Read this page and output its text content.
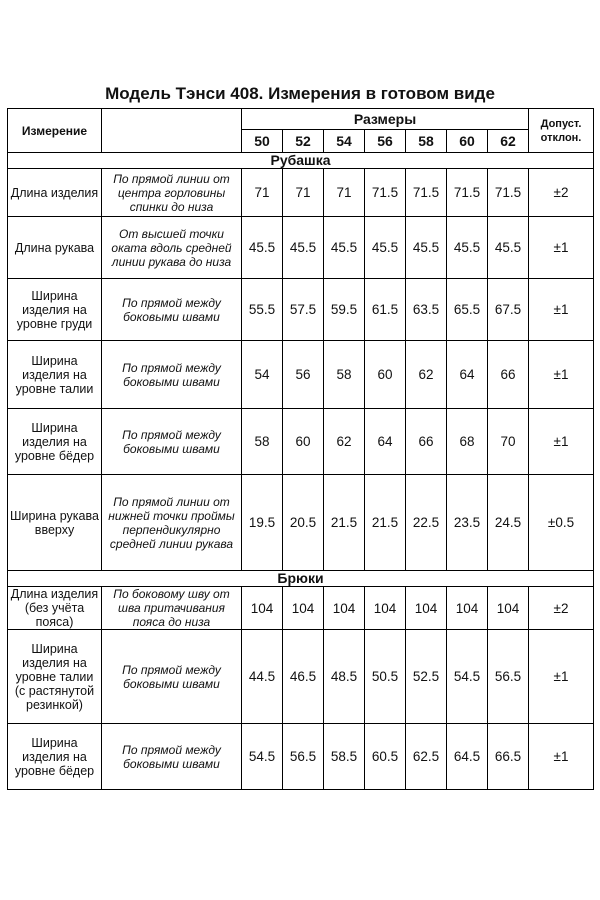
Модель Тэнси 408. Измерения в готовом виде
Измерение		Размеры							Допуст. отклон.
		50	52	54	56	58	60	62	
Рубашка									
Длина изделия	По прямой линии от центра горловины спинки до низа	71	71	71	71.5	71.5	71.5	71.5	±2
Длина рукава	От высшей точки оката вдоль средней линии рукава до низа	45.5	45.5	45.5	45.5	45.5	45.5	45.5	±1
Ширина изделия на уровне груди	По прямой между боковыми швами	55.5	57.5	59.5	61.5	63.5	65.5	67.5	±1
Ширина изделия на уровне талии	По прямой между боковыми швами	54	56	58	60	62	64	66	±1
Ширина изделия на уровне бёдер	По прямой между боковыми швами	58	60	62	64	66	68	70	±1
Ширина рукава вверху	По прямой линии от нижней точки проймы перпендикулярно средней линии рукава	19.5	20.5	21.5	21.5	22.5	23.5	24.5	±0.5
Брюки									
Длина изделия (без учёта пояса)	По боковому шву от шва притачивания пояса до низа	104	104	104	104	104	104	104	±2
Ширина изделия на уровне талии (с растянутой резинкой)	По прямой между боковыми швами	44.5	46.5	48.5	50.5	52.5	54.5	56.5	±1
Ширина изделия на уровне бёдер	По прямой между боковыми швами	54.5	56.5	58.5	60.5	62.5	64.5	66.5	±1
